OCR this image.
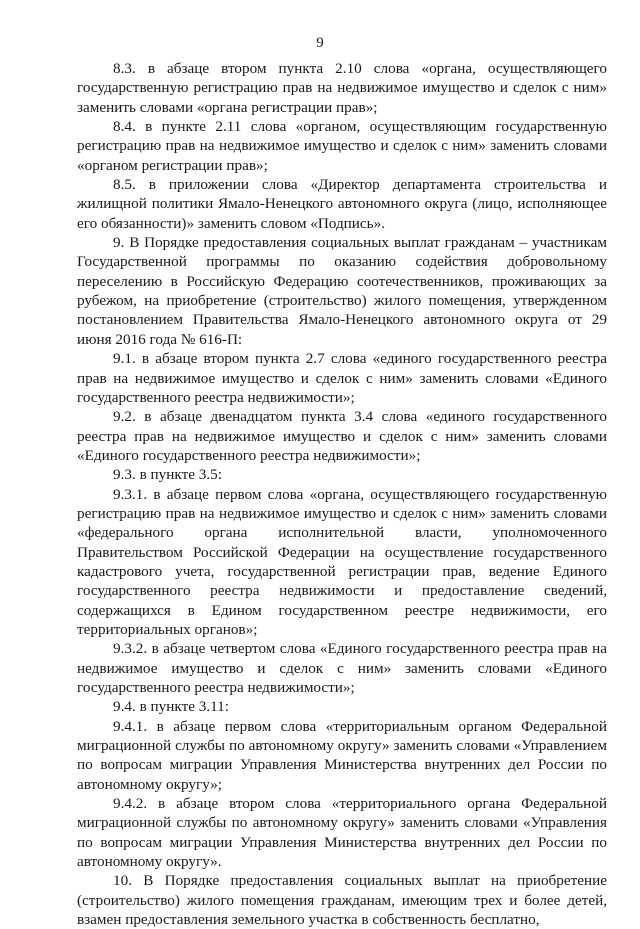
9

8.3. в абзаце втором пункта 2.10 слова «органа, осуществляющего государственную регистрацию прав на недвижимое имущество и сделок с ним» заменить словами «органа регистрации прав»;

8.4. в пункте 2.11 слова «органом, осуществляющим государственную регистрацию прав на недвижимое имущество и сделок с ним» заменить словами «органом регистрации прав»;

8.5. в приложении слова «Директор департамента строительства и жилищной политики Ямало-Ненецкого автономного округа (лицо, исполняющее его обязанности)» заменить словом «Подпись».

9. В Порядке предоставления социальных выплат гражданам – участникам Государственной программы по оказанию содействия добровольному переселению в Российскую Федерацию соотечественников, проживающих за рубежом, на приобретение (строительство) жилого помещения, утвержденном постановлением Правительства Ямало-Ненецкого автономного округа от 29 июня 2016 года № 616-П:

9.1. в абзаце втором пункта 2.7 слова «единого государственного реестра прав на недвижимое имущество и сделок с ним» заменить словами «Единого государственного реестра недвижимости»;

9.2. в абзаце двенадцатом пункта 3.4 слова «единого государственного реестра прав на недвижимое имущество и сделок с ним» заменить словами «Единого государственного реестра недвижимости»;

9.3. в пункте 3.5:

9.3.1. в абзаце первом слова «органа, осуществляющего государственную регистрацию прав на недвижимое имущество и сделок с ним» заменить словами «федерального органа исполнительной власти, уполномоченного Правительством Российской Федерации на осуществление государственного кадастрового учета, государственной регистрации прав, ведение Единого государственного реестра недвижимости и предоставление сведений, содержащихся в Едином государственном реестре недвижимости, его территориальных органов»;

9.3.2. в абзаце четвертом слова «Единого государственного реестра прав на недвижимое имущество и сделок с ним» заменить словами «Единого государственного реестра недвижимости»;

9.4. в пункте 3.11:

9.4.1. в абзаце первом слова «территориальным органом Федеральной миграционной службы по автономному округу» заменить словами «Управлением по вопросам миграции Управления Министерства внутренних дел России по автономному округу»;

9.4.2. в абзаце втором слова «территориального органа Федеральной миграционной службы по автономному округу» заменить словами «Управления по вопросам миграции Управления Министерства внутренних дел России по автономному округу».

10. В Порядке предоставления социальных выплат на приобретение (строительство) жилого помещения гражданам, имеющим трех и более детей, взамен предоставления земельного участка в собственность бесплатно,
